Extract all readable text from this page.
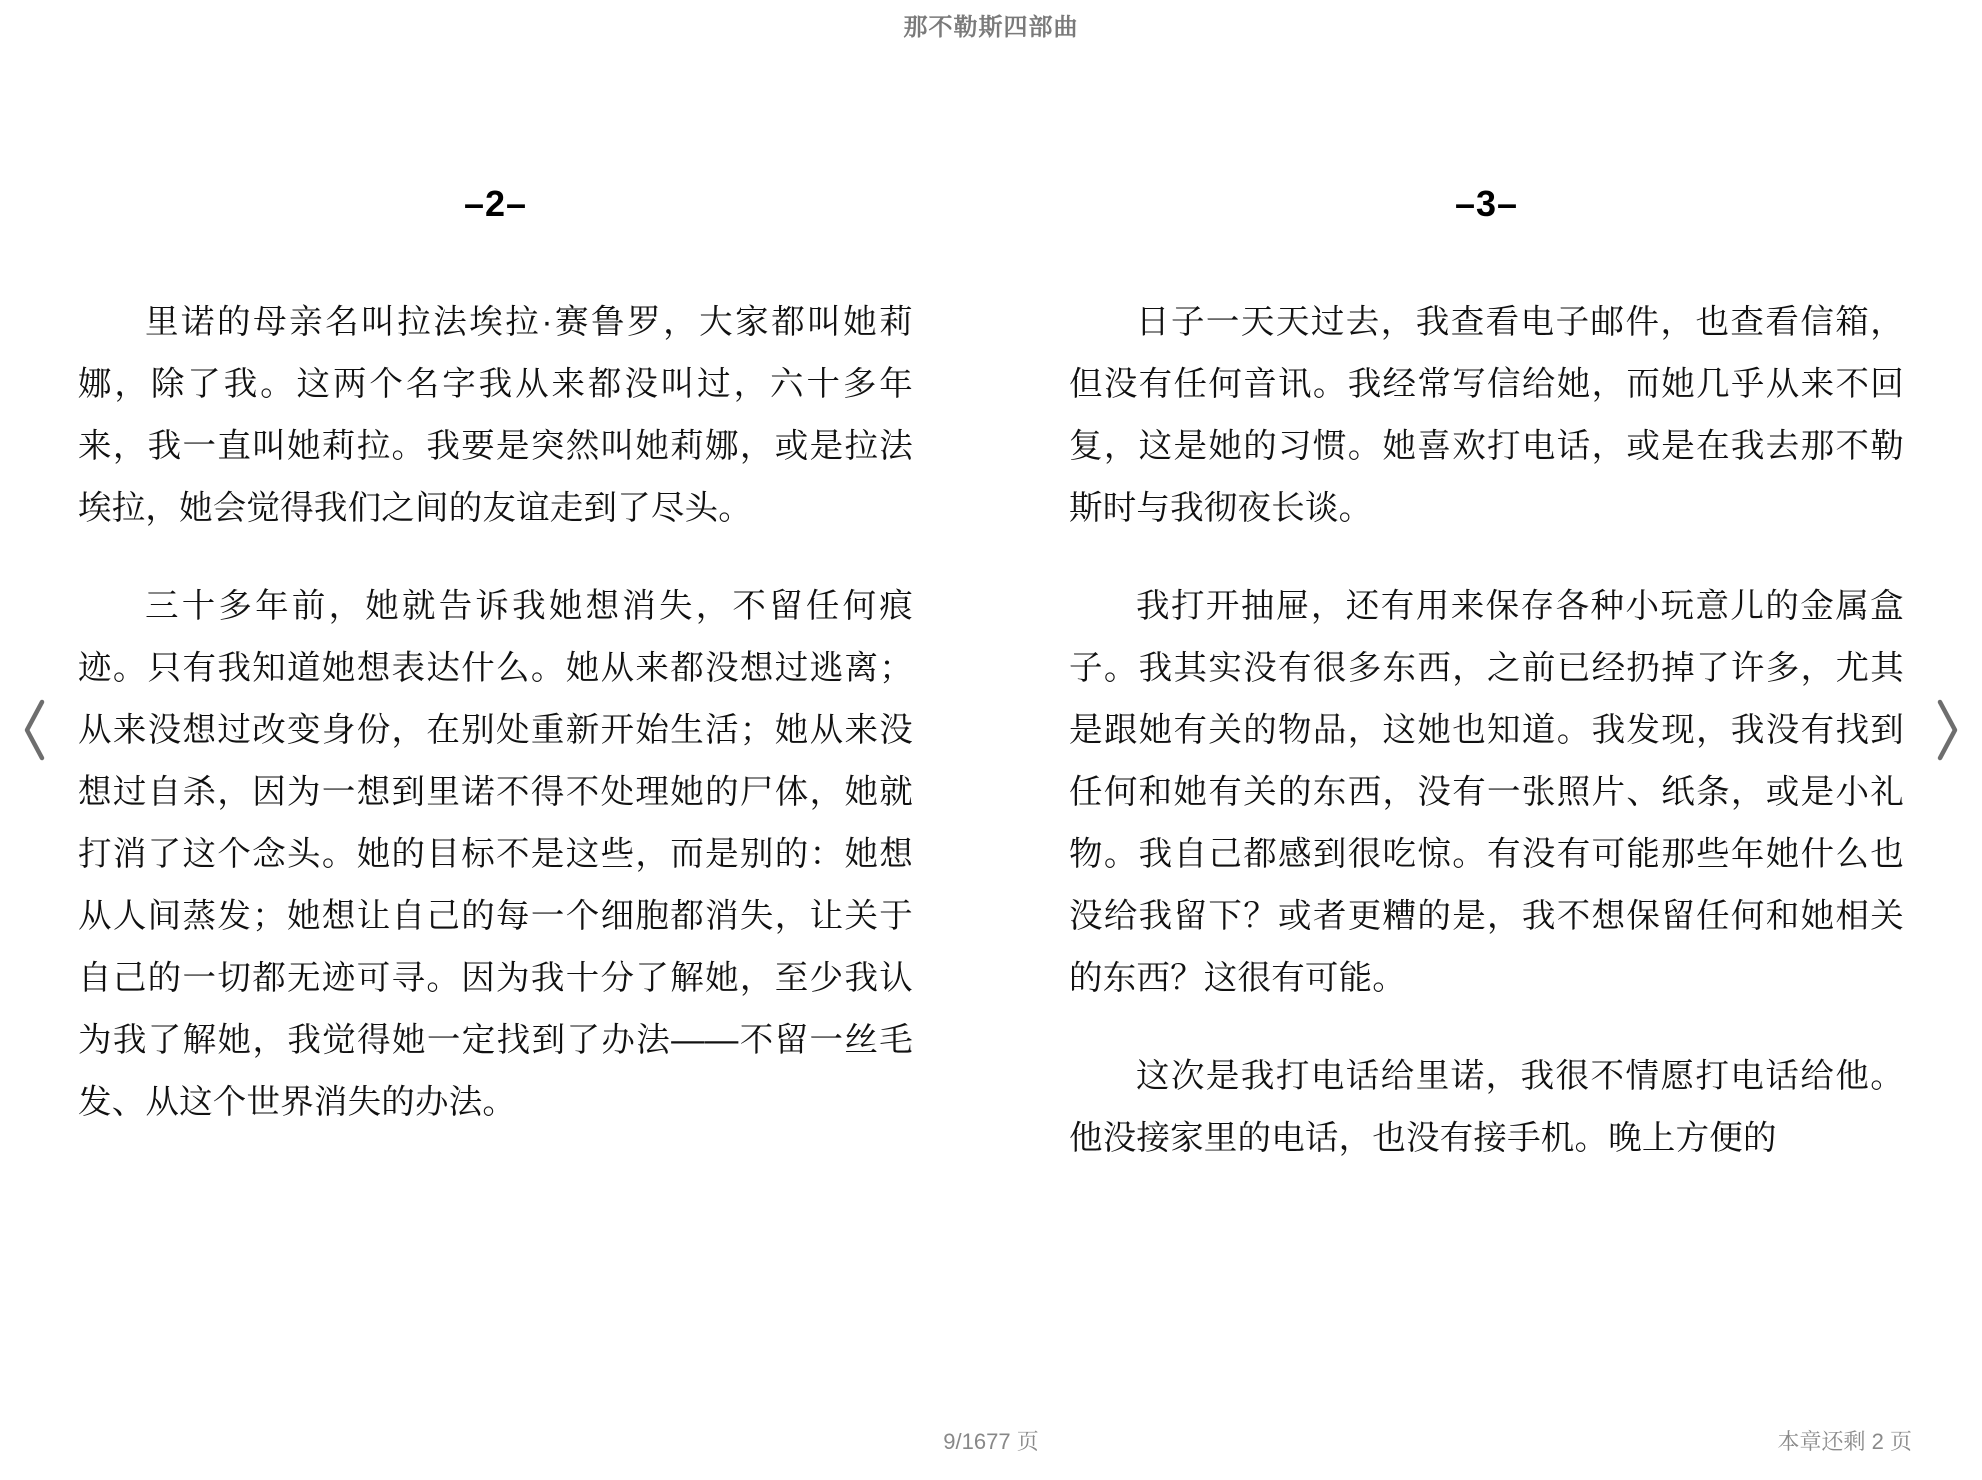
那不勒斯四部曲
–2–

里诺的母亲名叫拉法埃拉·赛鲁罗，大家都叫她莉娜，除了我。这两个名字我从来都没叫过，六十多年来，我一直叫她莉拉。我要是突然叫她莉娜，或是拉法埃拉，她会觉得我们之间的友谊走到了尽头。

三十多年前，她就告诉我她想消失，不留任何痕迹。只有我知道她想表达什么。她从来都没想过逃离；从来没想过改变身份，在别处重新开始生活；她从来没想过自杀，因为一想到里诺不得不处理她的尸体，她就打消了这个念头。她的目标不是这些，而是别的：她想从人间蒸发；她想让自己的每一个细胞都消失，让关于自己的一切都无迹可寻。因为我十分了解她，至少我认为我了解她，我觉得她一定找到了办法——不留一丝毛发、从这个世界消失的办法。

–3–

日子一天天过去，我查看电子邮件，也查看信箱，但没有任何音讯。我经常写信给她，而她几乎从来不回复，这是她的习惯。她喜欢打电话，或是在我去那不勒斯时与我彻夜长谈。

我打开抽屉，还有用来保存各种小玩意儿的金属盒子。我其实没有很多东西，之前已经扔掉了许多，尤其是跟她有关的物品，这她也知道。我发现，我没有找到任何和她有关的东西，没有一张照片、纸条，或是小礼物。我自己都感到很吃惊。有没有可能那些年她什么也没给我留下？或者更糟的是，我不想保留任何和她相关的东西？这很有可能。

这次是我打电话给里诺，我很不情愿打电话给他。他没接家里的电话，也没有接手机。晚上方便的

9/1677 页	本章还剩 2 页
